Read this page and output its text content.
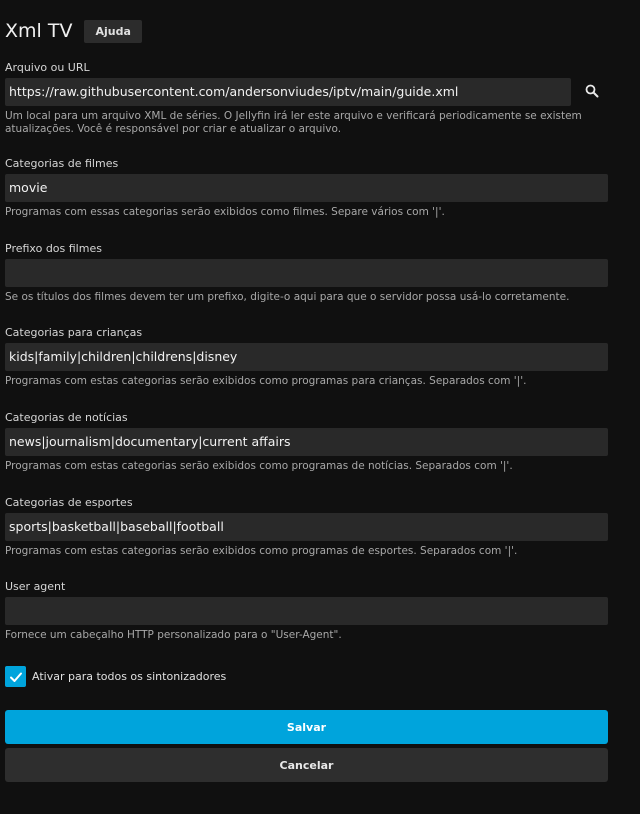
Xml TV	Ajuda
Arquivo ou URL
https://raw.githubusercontent.com/andersonviudes/iptv/main/guide.xml
Um local para um arquivo XML de séries. O Jellyfin irá ler este arquivo e verificará periodicamente se existem atualizações. Você é responsável por criar e atualizar o arquivo.
Categorias de filmes
movie
Programas com essas categorias serão exibidos como filmes. Separe vários com '|'.
Prefixo dos filmes
Se os títulos dos filmes devem ter um prefixo, digite-o aqui para que o servidor possa usá-lo corretamente.
Categorias para crianças
kids|family|children|childrens|disney
Programas com estas categorias serão exibidos como programas para crianças. Separados com '|'.
Categorias de notícias
news|journalism|documentary|current affairs
Programas com estas categorias serão exibidos como programas de notícias. Separados com '|'.
Categorias de esportes
sports|basketball|baseball|football
Programas com estas categorias serão exibidos como programas de esportes. Separados com '|'.
User agent
Fornece um cabeçalho HTTP personalizado para o "User-Agent".
Ativar para todos os sintonizadores
Salvar
Cancelar
